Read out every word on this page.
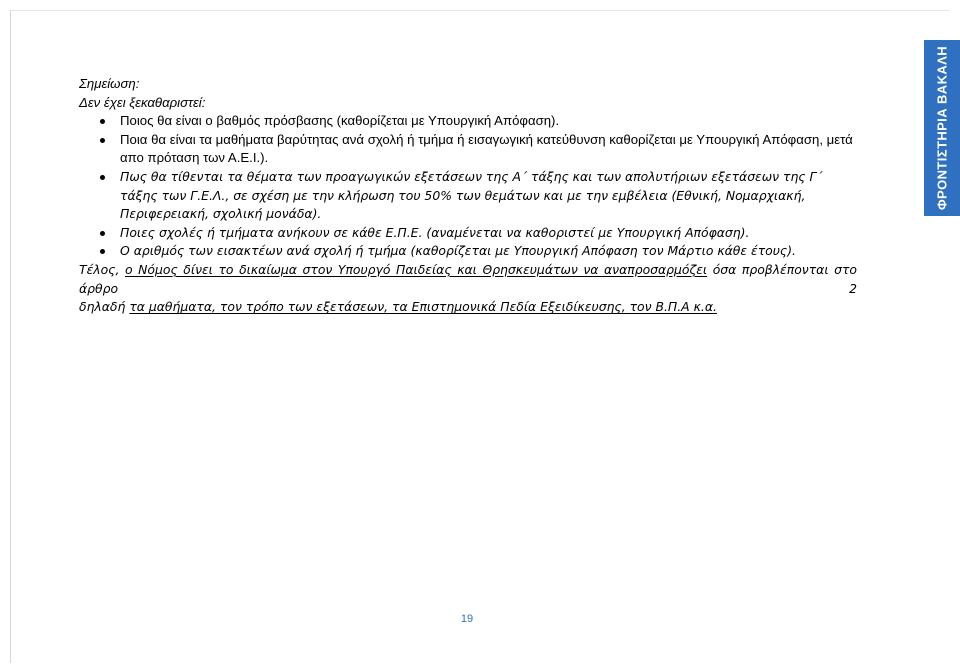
ΦΡΟΝΤΙΣΤΗΡΙΑ ΒΑΚΑΛΗ

Σημείωση:

Δεν έχει ξεκαθαριστεί:

Ποιος θα είναι ο βαθμός πρόσβασης (καθορίζεται με Υπουργική Απόφαση).
Ποια θα είναι τα μαθήματα βαρύτητας ανά σχολή ή τμήμα ή εισαγωγική κατεύθυνση καθορίζεται με Υπουργική Απόφαση, μετά απο πρόταση των Α.Ε.Ι.).
Πως θα τίθενται τα θέματα των προαγωγικών εξετάσεων της Α΄ τάξης και των απολυτήριων εξετάσεων της Γ΄ τάξης των Γ.Ε.Λ., σε σχέση με την κλήρωση του 50% των θεμάτων και με την εμβέλεια (Εθνική, Νομαρχιακή, Περιφερειακή, σχολική μονάδα).
Ποιες σχολές ή τμήματα ανήκουν σε κάθε Ε.Π.Ε. (αναμένεται να καθοριστεί με Υπουργική Απόφαση).
Ο αριθμός των εισακτέων ανά σχολή ή τμήμα (καθορίζεται με Υπουργική Απόφαση τον Μάρτιο κάθε έτους).

Τέλος, ο Νόμος δίνει το δικαίωμα στον Υπουργό Παιδείας και Θρησκευμάτων να αναπροσαρμόζει όσα προβλέπονται στο άρθρο 2

δηλαδή τα μαθήματα, τον τρόπο των εξετάσεων, τα Επιστημονικά Πεδία Εξειδίκευσης, τον Β.Π.Α κ.α.

19
